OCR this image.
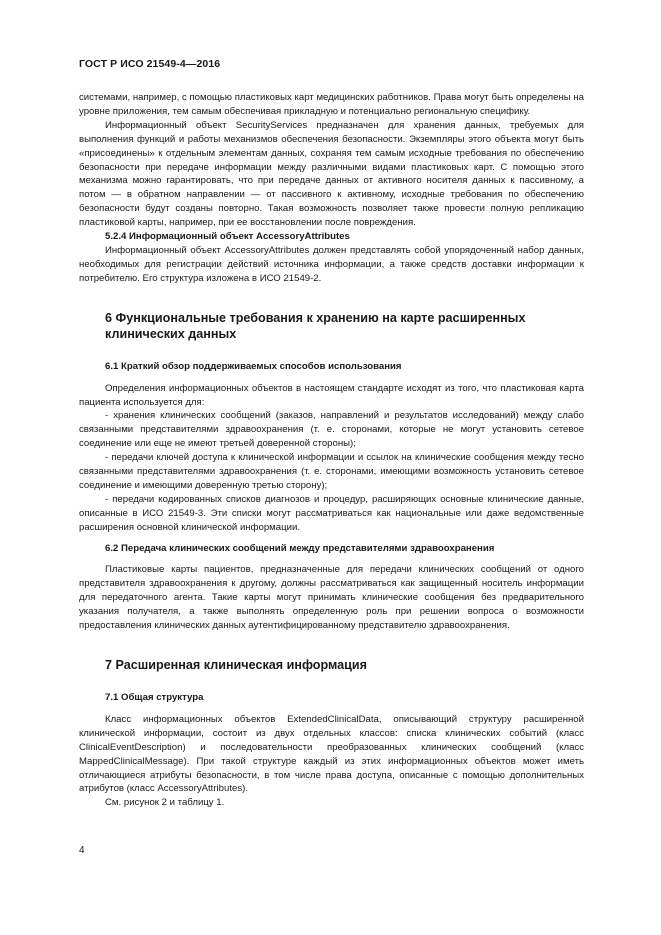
ГОСТ Р ИСО 21549-4—2016

системами, например, с помощью пластиковых карт медицинских работников. Права могут быть определены на уровне приложения, тем самым обеспечивая прикладную и потенциально региональную специфику.

Информационный объект SecurityServices предназначен для хранения данных, требуемых для выполнения функций и работы механизмов обеспечения безопасности. Экземпляры этого объекта могут быть «присоединены» к отдельным элементам данных, сохраняя тем самым исходные требования по обеспечению безопасности при передаче информации между различными видами пластиковых карт. С помощью этого механизма можно гарантировать, что при передаче данных от активного носителя данных к пассивному, а потом — в обратном направлении — от пассивного к активному, исходные требования по обеспечению безопасности будут созданы повторно. Такая возможность позволяет также провести полную репликацию пластиковой карты, например, при ее восстановлении после повреждения.

5.2.4 Информационный объект AccessoryAttributes

Информационный объект AccessoryAttributes должен представлять собой упорядоченный набор данных, необходимых для регистрации действий источника информации, а также средств доставки информации к потребителю. Его структура изложена в ИСО 21549-2.

6 Функциональные требования к хранению на карте расширенных клинических данных
6.1 Краткий обзор поддерживаемых способов использования

Определения информационных объектов в настоящем стандарте исходят из того, что пластиковая карта пациента используется для:

- хранения клинических сообщений (заказов, направлений и результатов исследований) между слабо связанными представителями здравоохранения (т. е. сторонами, которые не могут установить сетевое соединение или еще не имеют третьей доверенной стороны);

- передачи ключей доступа к клинической информации и ссылок на клинические сообщения между тесно связанными представителями здравоохранения (т. е. сторонами, имеющими возможность установить сетевое соединение и имеющими доверенную третью сторону);

- передачи кодированных списков диагнозов и процедур, расширяющих основные клинические данные, описанные в ИСО 21549-3. Эти списки могут рассматриваться как национальные или даже ведомственные расширения основной клинической информации.

6.2 Передача клинических сообщений между представителями здравоохранения

Пластиковые карты пациентов, предназначенные для передачи клинических сообщений от одного представителя здравоохранения к другому, должны рассматриваться как защищенный носитель информации для передаточного агента. Такие карты могут принимать клинические сообщения без предварительного указания получателя, а также выполнять определенную роль при решении вопроса о возможности предоставления клинических данных аутентифицированному представителю здравоохранения.

7 Расширенная клиническая информация
7.1 Общая структура

Класс информационных объектов ExtendedClinicalData, описывающий структуру расширенной клинической информации, состоит из двух отдельных классов: списка клинических событий (класс ClinicalEventDescription) и последовательности преобразованных клинических сообщений (класс MappedClinicalMessage). При такой структуре каждый из этих информационных объектов может иметь отличающиеся атрибуты безопасности, в том числе права доступа, описанные с помощью дополнительных атрибутов (класс AccessoryAttributes).

См. рисунок 2 и таблицу 1.

4
